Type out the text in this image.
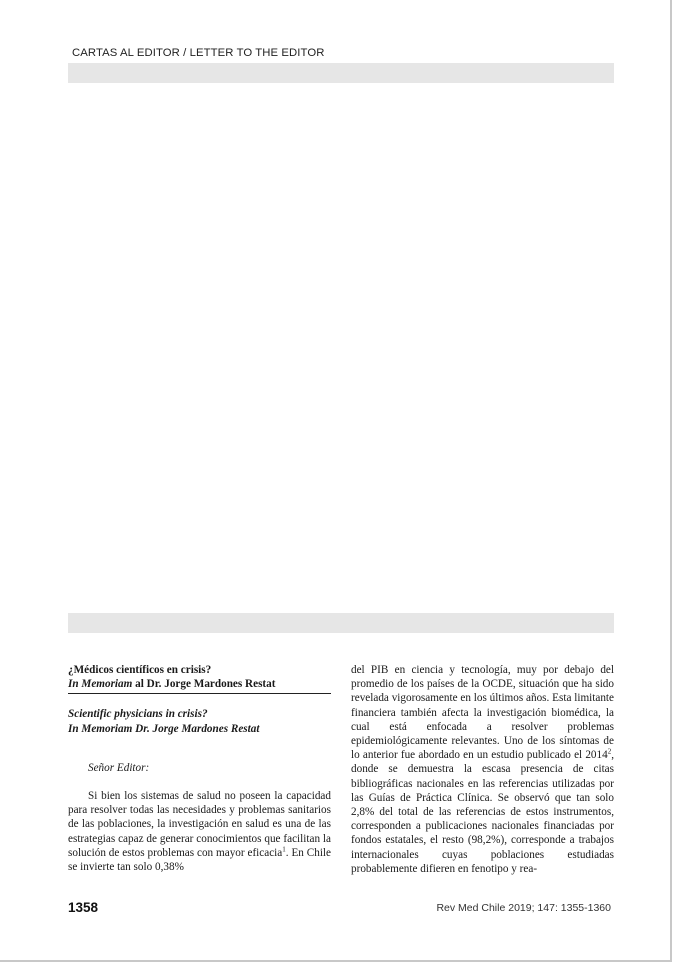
CARTAS AL EDITOR / LETTER TO THE EDITOR
¿Médicos científicos en crisis?
In Memoriam al Dr. Jorge Mardones Restat
Scientific physicians in crisis?
In Memoriam Dr. Jorge Mardones Restat
Señor Editor:
Si bien los sistemas de salud no poseen la capacidad para resolver todas las necesidades y problemas sanitarios de las poblaciones, la investigación en salud es una de las estrategias capaz de generar conocimientos que facilitan la solución de estos problemas con mayor eficacia$^1$. En Chile se invierte tan solo 0,38%
del PIB en ciencia y tecnología, muy por debajo del promedio de los países de la OCDE, situación que ha sido revelada vigorosamente en los últimos años. Esta limitante financiera también afecta la investigación biomédica, la cual está enfocada a resolver problemas epidemiológicamente relevantes. Uno de los síntomas de lo anterior fue abordado en un estudio publicado el 2014$^2$, donde se demuestra la escasa presencia de citas bibliográficas nacionales en las referencias utilizadas por las Guías de Práctica Clínica. Se observó que tan solo 2,8% del total de las referencias de estos instrumentos, corresponden a publicaciones nacionales financiadas por fondos estatales, el resto (98,2%), corresponde a trabajos internacionales cuyas poblaciones estudiadas probablemente difieren en fenotipo y rea-
1358	Rev Med Chile 2019; 147: 1355-1360
